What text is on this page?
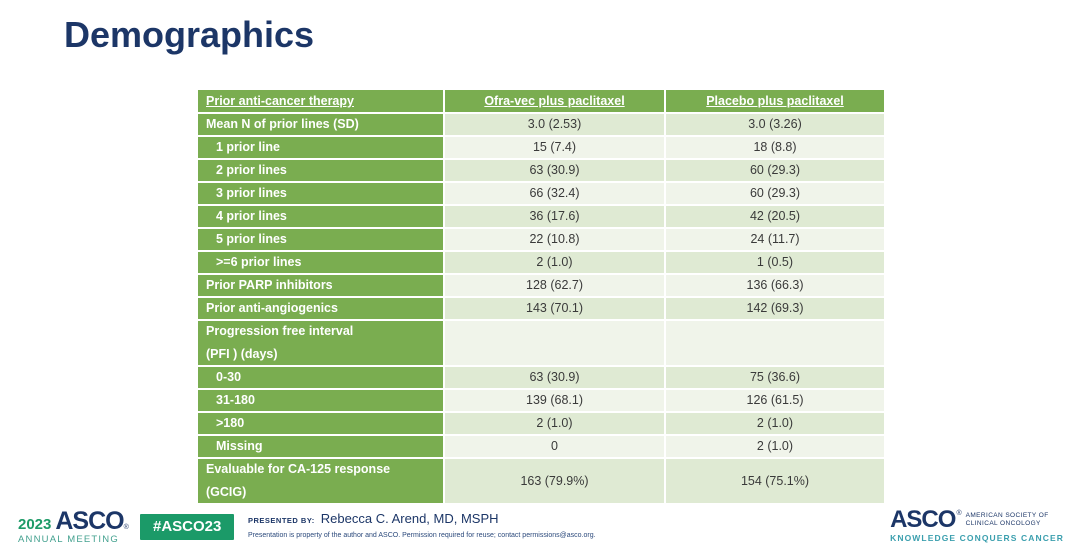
Demographics
Prior anti-cancer therapy	Ofra-vec plus paclitaxel	Placebo plus paclitaxel
Mean N of prior lines (SD)	3.0 (2.53)	3.0 (3.26)
1 prior line	15 (7.4)	18 (8.8)
2 prior lines	63 (30.9)	60 (29.3)
3 prior lines	66 (32.4)	60 (29.3)
4 prior lines	36 (17.6)	42 (20.5)
5 prior lines	22 (10.8)	24 (11.7)
>=6 prior lines	2 (1.0)	1 (0.5)
Prior PARP inhibitors	128 (62.7)	136 (66.3)
Prior anti-angiogenics	143 (70.1)	142 (69.3)
Progression free interval
(PFI ) (days)		

0-30	63 (30.9)	75 (36.6)
31-180	139 (68.1)	126 (61.5)
>180	2 (1.0)	2 (1.0)
Missing	0	2 (1.0)
Evaluable for CA-125 response
(GCIG)	163 (79.9%)	154 (75.1%)
2023 ASCO ®
ANNUAL MEETING
#ASCO23	PRESENTED BY: Rebecca C. Arend, MD, MSPH
Presentation is property of the author and ASCO. Permission required for reuse; contact permissions@asco.org.
ASCO ® AMERICAN SOCIETY OF
CLINICAL ONCOLOGY
KNOWLEDGE CONQUERS CANCER
